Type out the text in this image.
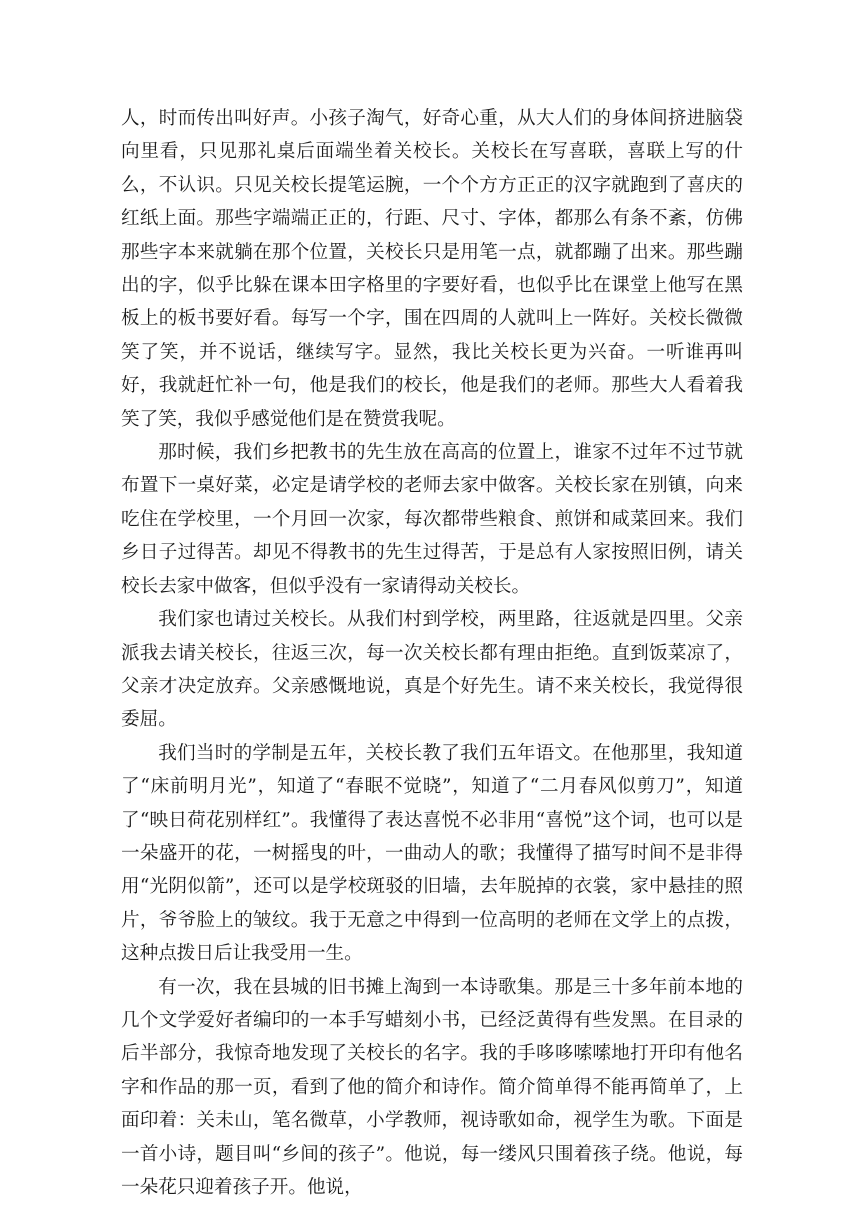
人，时而传出叫好声。小孩子淘气，好奇心重，从大人们的身体间挤进脑袋向里看，只见那礼桌后面端坐着关校长。关校长在写喜联，喜联上写的什么，不认识。只见关校长提笔运腕，一个个方方正正的汉字就跑到了喜庆的红纸上面。那些字端端正正的，行距、尺寸、字体，都那么有条不紊，仿佛那些字本来就躺在那个位置，关校长只是用笔一点，就都蹦了出来。那些蹦出的字，似乎比躲在课本田字格里的字要好看，也似乎比在课堂上他写在黑板上的板书要好看。每写一个字，围在四周的人就叫上一阵好。关校长微微笑了笑，并不说话，继续写字。显然，我比关校长更为兴奋。一听谁再叫好，我就赶忙补一句，他是我们的校长，他是我们的老师。那些大人看着我笑了笑，我似乎感觉他们是在赞赏我呢。

那时候，我们乡把教书的先生放在高高的位置上，谁家不过年不过节就布置下一桌好菜，必定是请学校的老师去家中做客。关校长家在别镇，向来吃住在学校里，一个月回一次家，每次都带些粮食、煎饼和咸菜回来。我们乡日子过得苦。却见不得教书的先生过得苦，于是总有人家按照旧例，请关校长去家中做客，但似乎没有一家请得动关校长。

我们家也请过关校长。从我们村到学校，两里路，往返就是四里。父亲派我去请关校长，往返三次，每一次关校长都有理由拒绝。直到饭菜凉了，父亲才决定放弃。父亲感慨地说，真是个好先生。请不来关校长，我觉得很委屈。

我们当时的学制是五年，关校长教了我们五年语文。在他那里，我知道了“床前明月光”，知道了“春眠不觉晓”，知道了“二月春风似剪刀”，知道了“映日荷花别样红”。我懂得了表达喜悦不必非用“喜悦”这个词，也可以是一朵盛开的花，一树摇曳的叶，一曲动人的歌；我懂得了描写时间不是非得用“光阴似箭”，还可以是学校斑驳的旧墙，去年脱掉的衣裳，家中悬挂的照片，爷爷脸上的皱纹。我于无意之中得到一位高明的老师在文学上的点拨，这种点拨日后让我受用一生。

有一次，我在县城的旧书摊上淘到一本诗歌集。那是三十多年前本地的几个文学爱好者编印的一本手写蜡刻小书，已经泛黄得有些发黑。在目录的后半部分，我惊奇地发现了关校长的名字。我的手哆哆嗦嗦地打开印有他名字和作品的那一页，看到了他的简介和诗作。简介简单得不能再简单了，上面印着：关未山，笔名微草，小学教师，视诗歌如命，视学生为歌。下面是一首小诗，题目叫“乡间的孩子”。他说，每一缕风只围着孩子绕。他说，每一朵花只迎着孩子开。他说，
